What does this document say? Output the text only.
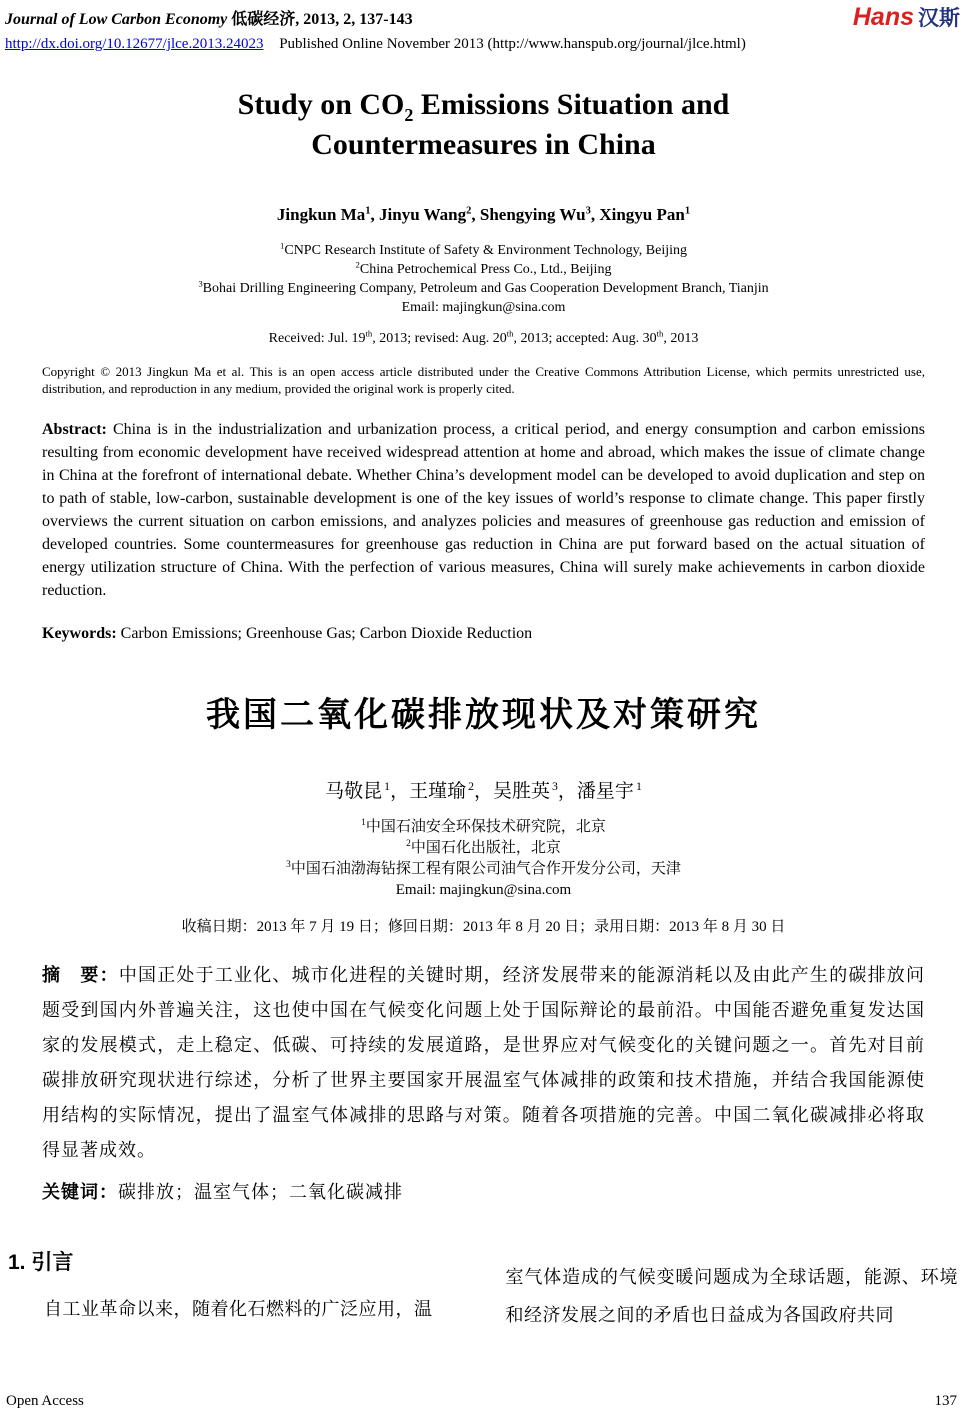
Journal of Low Carbon Economy 低碳经济, 2013, 2, 137-143	Hans 汉斯
http://dx.doi.org/10.12677/jlce.2013.24023 Published Online November 2013 (http://www.hanspub.org/journal/jlce.html)
Study on $CO_2$ Emissions Situation and
Countermeasures in China
Jingkun Ma$^1$, Jinyu Wang$^2$, Shengying Wu$^3$, Xingyu Pan$^1$
$^1$CNPC Research Institute of Safety & Environment Technology, Beijing
$^2$China Petrochemical Press Co., Ltd., Beijing
$^3$Bohai Drilling Engineering Company, Petroleum and Gas Cooperation Development Branch, Tianjin
Email: majingkun@sina.com
Received: Jul. 19th, 2013; revised: Aug. 20th, 2013; accepted: Aug. 30th, 2013
Copyright © 2013 Jingkun Ma et al. This is an open access article distributed under the Creative Commons Attribution License, which permits unrestricted use, distribution, and reproduction in any medium, provided the original work is properly cited.
Abstract: China is in the industrialization and urbanization process, a critical period, and energy consumption and carbon emissions resulting from economic development have received widespread attention at home and abroad, which makes the issue of climate change in China at the forefront of international debate. Whether China’s development model can be developed to avoid duplication and step on to path of stable, low-carbon, sustainable development is one of the key issues of world’s response to climate change. This paper firstly overviews the current situation on carbon emissions, and analyzes policies and measures of greenhouse gas reduction and emission of developed countries. Some countermeasures for greenhouse gas reduction in China are put forward based on the actual situation of energy utilization structure of China. With the perfection of various measures, China will surely make achievements in carbon dioxide reduction.
Keywords: Carbon Emissions; Greenhouse Gas; Carbon Dioxide Reduction
我国二氧化碳排放现状及对策研究
马敬昆 $^1$，王瑾瑜 $^2$，吴胜英 $^3$，潘星宇 $^1$
$^1$中国石油安全环保技术研究院，北京
$^2$中国石化出版社，北京
$^3$中国石油渤海钻探工程有限公司油气合作开发分公司，天津
Email: majingkun@sina.com
收稿日期：2013 年 7 月 19 日；修回日期：2013 年 8 月 20 日；录用日期：2013 年 8 月 30 日
摘　要：中国正处于工业化、城市化进程的关键时期，经济发展带来的能源消耗以及由此产生的碳排放问题受到国内外普遍关注，这也使中国在气候变化问题上处于国际辩论的最前沿。中国能否避免重复发达国家的发展模式，走上稳定、低碳、可持续的发展道路，是世界应对气候变化的关键问题之一。首先对目前碳排放研究现状进行综述，分析了世界主要国家开展温室气体减排的政策和技术措施，并结合我国能源使用结构的实际情况，提出了温室气体减排的思路与对策。随着各项措施的完善。中国二氧化碳减排必将取得显著成效。
关键词：碳排放；温室气体；二氧化碳减排
1. 引言

自工业革命以来，随着化石燃料的广泛应用，温

室气体造成的气候变暖问题成为全球话题，能源、环境和经济发展之间的矛盾也日益成为各国政府共同

Open Access	137
